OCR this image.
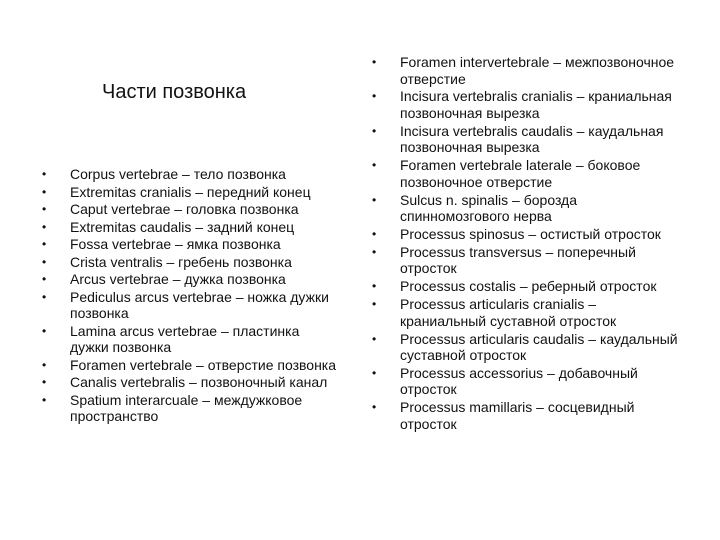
Части позвонка
• Corpus vertebrae – тело позвонка
• Extremitas cranialis – передний конец
• Caput vertebrae – головка позвонка
• Extremitas caudalis – задний конец
• Fossa vertebrae – ямка позвонка
• Crista ventralis – гребень позвонка
• Arcus vertebrae – дужка позвонка
• Pediculus arcus vertebrae – ножка дужки позвонка
• Lamina arcus vertebrae – пластинка дужки позвонка
• Foramen vertebrale – отверстие позвонка
• Canalis vertebralis – позвоночный канал
• Spatium interarcuale – междужковое пространство
• Foramen intervertebrale – межпозвоночное отверстие
• Incisura vertebralis cranialis – краниальная позвоночная вырезка
• Incisura vertebralis caudalis – каудальная позвоночная вырезка
• Foramen vertebrale laterale – боковое позвоночное отверстие
• Sulcus n. spinalis – борозда спинномозгового нерва
• Processus spinosus – остистый отросток
• Processus transversus – поперечный отросток
• Processus costalis – реберный отросток
• Processus articularis cranialis – краниальный суставной отросток
• Processus articularis caudalis – каудальный суставной отросток
• Processus accessorius – добавочный отросток
• Processus mamillaris – сосцевидный отросток
